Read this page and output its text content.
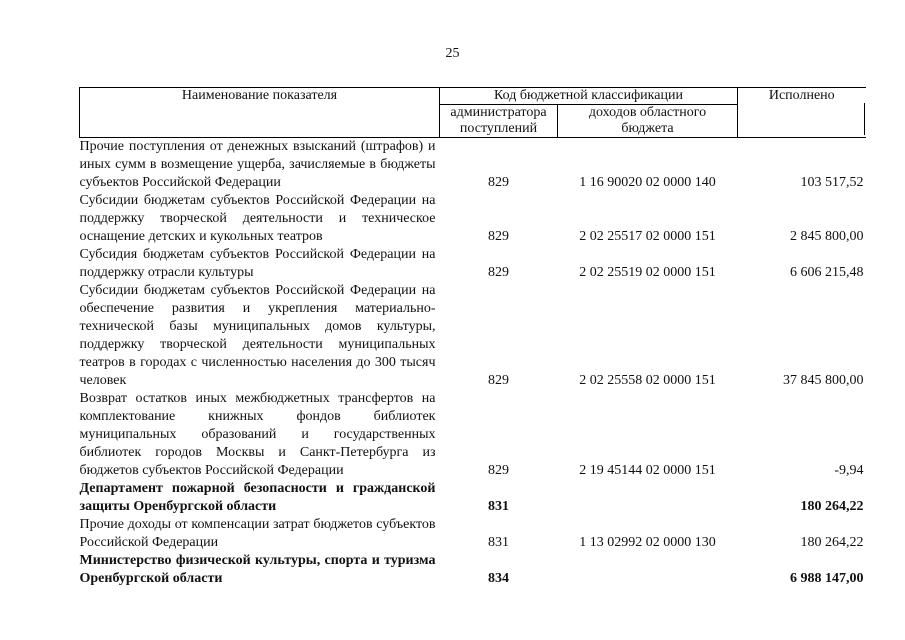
25
Наименование показателя	Код бюджетной классификации		Исполнено
	администратора поступлений	доходов областного бюджета	
Прочие поступления от денежных взысканий (штрафов) и иных сумм в возмещение ущерба, зачисляемые в бюджеты субъектов Российской Федерации	829	1 16 90020 02 0000 140	103 517,52
Субсидии бюджетам субъектов Российской Федерации на поддержку творческой деятельности и техническое оснащение детских и кукольных театров	829	2 02 25517 02 0000 151	2 845 800,00
Субсидия бюджетам субъектов Российской Федерации на поддержку отрасли культуры	829	2 02 25519 02 0000 151	6 606 215,48
Субсидии бюджетам субъектов Российской Федерации на обеспечение развития и укрепления материально-технической базы муниципальных домов культуры, поддержку творческой деятельности муниципальных театров в городах с численностью населения до 300 тысяч человек	829	2 02 25558 02 0000 151	37 845 800,00
Возврат остатков иных межбюджетных трансфертов на комплектование книжных фондов библиотек муниципальных образований и государственных библиотек городов Москвы и Санкт-Петербурга из бюджетов субъектов Российской Федерации	829	2 19 45144 02 0000 151	-9,94
Департамент пожарной безопасности и гражданской защиты Оренбургской области	831		180 264,22
Прочие доходы от компенсации затрат бюджетов субъектов Российской Федерации	831	1 13 02992 02 0000 130	180 264,22
Министерство физической культуры, спорта и туризма Оренбургской области	834		6 988 147,00
